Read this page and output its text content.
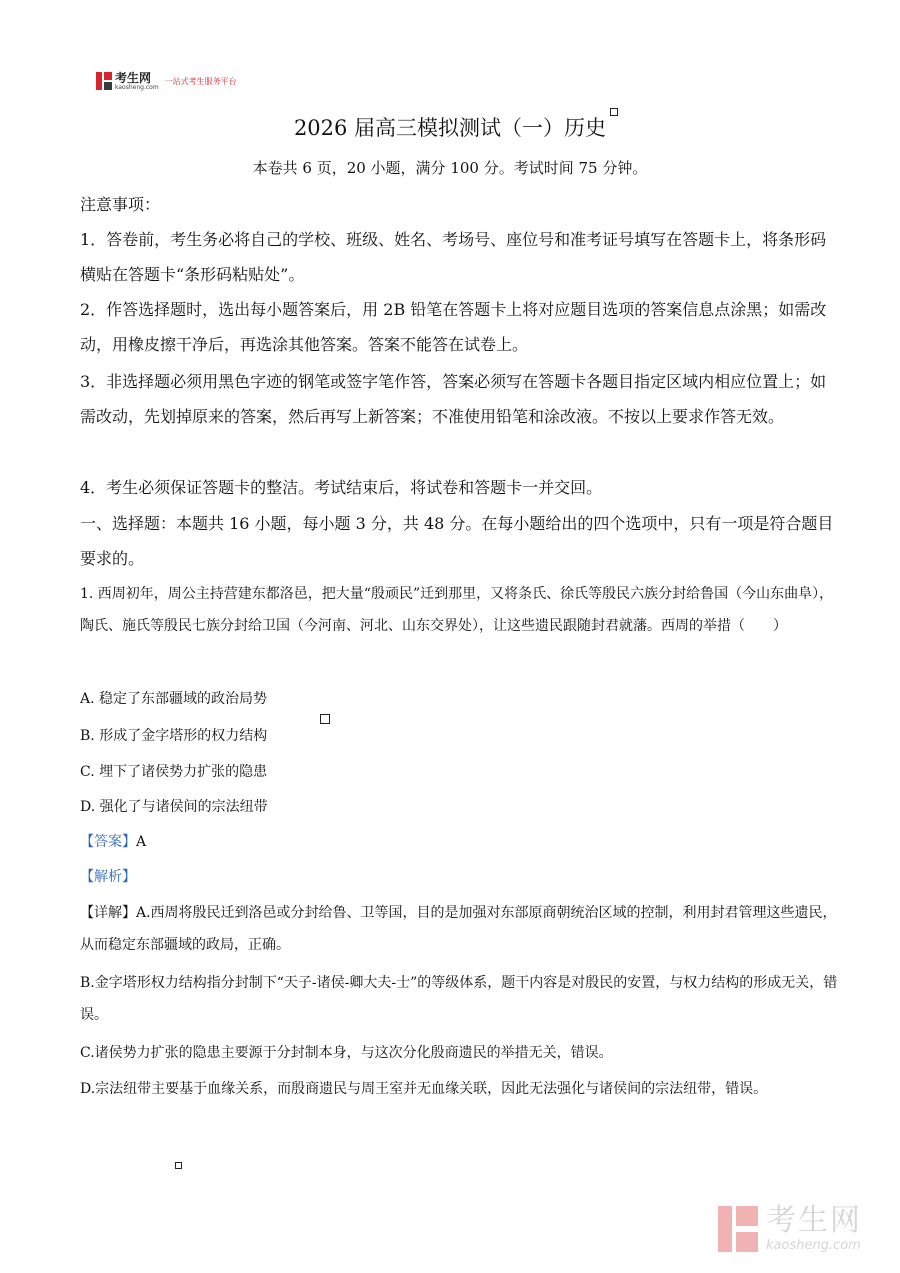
考生网
kaosheng.com
一站式考生服务平台
2026 届高三模拟测试（一）历史
本卷共 6 页，20 小题，满分 100 分。考试时间 75 分钟。

注意事项：

1．答卷前，考生务必将自己的学校、班级、姓名、考场号、座位号和准考证号填写在答题卡上，将条形码横贴在答题卡“条形码粘贴处”。

2．作答选择题时，选出每小题答案后，用 2B 铅笔在答题卡上将对应题目选项的答案信息点涂黑；如需改动，用橡皮擦干净后，再选涂其他答案。答案不能答在试卷上。

3．非选择题必须用黑色字迹的钢笔或签字笔作答，答案必须写在答题卡各题目指定区域内相应位置上；如需改动，先划掉原来的答案，然后再写上新答案；不准使用铅笔和涂改液。不按以上要求作答无效。

4．考生必须保证答题卡的整洁。考试结束后，将试卷和答题卡一并交回。

一、选择题：本题共 16 小题，每小题 3 分，共 48 分。在每小题给出的四个选项中，只有一项是符合题目要求的。

1. 西周初年，周公主持营建东都洛邑，把大量“殷顽民”迁到那里，又将条氏、徐氏等殷民六族分封给鲁国（今山东曲阜），陶氏、施氏等殷民七族分封给卫国（今河南、河北、山东交界处），让这些遗民跟随封君就藩。西周的举措（　　）

A. 稳定了东部疆域的政治局势

B. 形成了金字塔形的权力结构

C. 埋下了诸侯势力扩张的隐患

D. 强化了与诸侯间的宗法纽带

【答案】A

【解析】

【详解】A.西周将殷民迁到洛邑或分封给鲁、卫等国，目的是加强对东部原商朝统治区域的控制，利用封君管理这些遗民，从而稳定东部疆域的政局，正确。

B.金字塔形权力结构指分封制下“天子-诸侯-卿大夫-士”的等级体系，题干内容是对殷民的安置，与权力结构的形成无关，错误。

C.诸侯势力扩张的隐患主要源于分封制本身，与这次分化殷商遗民的举措无关，错误。

D.宗法纽带主要基于血缘关系，而殷商遗民与周王室并无血缘关联，因此无法强化与诸侯间的宗法纽带，错误。

考生网
kaosheng.com
